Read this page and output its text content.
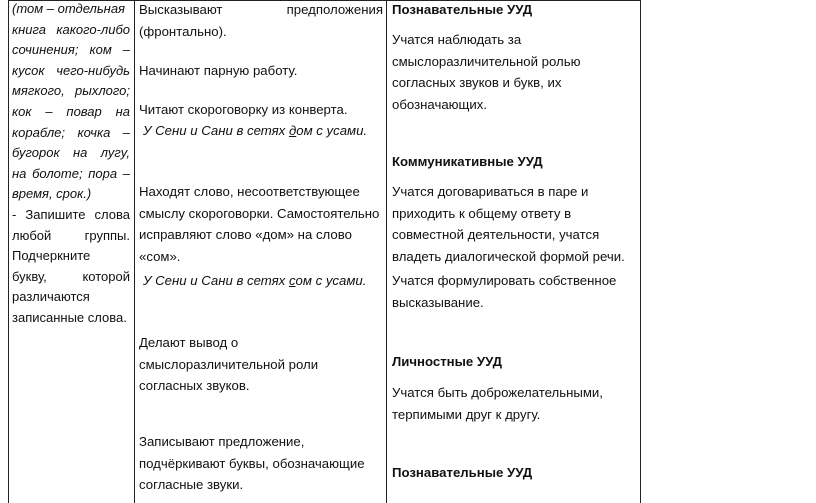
(том – отдельная
книга какого-либо
сочинения; ком –
кусок чего-нибудь
мягкого, рыхлого;
кок – повар на
корабле; кочка –
бугорок на лугу,
на болоте; пора –
время, срок.)
- Запишите слова
любой группы.
Подчеркните
букву, которой
различаются
записанные слова.
Высказывают	предположения
(фронтально).
Начинают парную работу.
Читают скороговорку из конверта.
У Сени и Сани в сетях дом с усами.
Находят слово, несоответствующее
смыслу скороговорки. Самостоятельно
исправляют слово «дом» на слово
«сом».
У Сени и Сани в сетях сом с усами.
Делают вывод о
смыслоразличительной роли
согласных звуков.
Записывают предложение,
подчёркивают буквы, обозначающие
согласные звуки.
Познавательные УУД
Учатся наблюдать за
смыслоразличительной ролью
согласных звуков и букв, их
обозначающих.
Коммуникативные УУД
Учатся договариваться в паре и
приходить к общему ответу в
совместной деятельности, учатся
владеть диалогической формой речи.
Учатся формулировать собственное
высказывание.
Личностные УУД
Учатся быть доброжелательными,
терпимыми друг к другу.
Познавательные УУД
